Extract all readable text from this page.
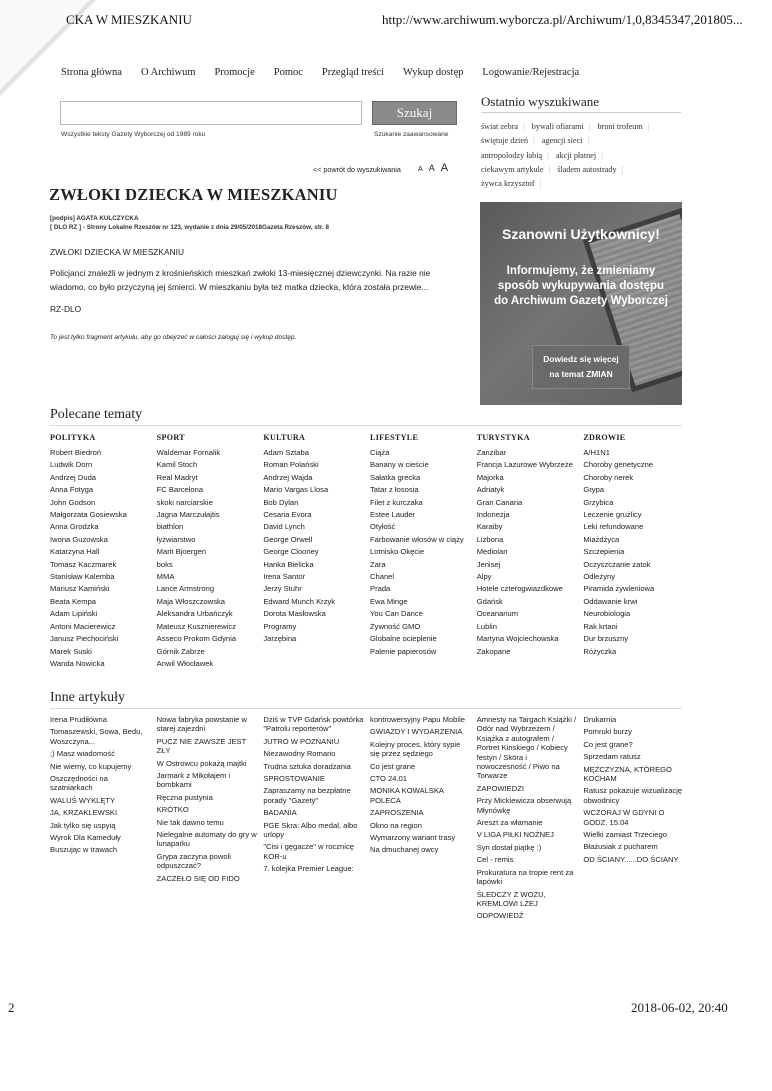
CKA W MIESZKANIU	http://www.archiwum.wyborcza.pl/Archiwum/1,0,8345347,201805...
Strona główna O Archiwum Promocje Pomoc Przegląd treści Wykup dostęp Logowanie/Rejestracja
Szukaj
Wszystkie teksty Gazety Wyborczej od 1989 roku	Szukanie zaawansowane
Ostatnio wyszukiwane
świat zebra | bywali ofiarami | broni trofeum |
świętuje dzień | agencji sieci |
antropolodzy łabią | akcji płatnej |
ciekawym artykule | śladem autostrady |
żywca krzysztof |
<< powrót do wyszukiwania A A A
ZWŁOKI DZIECKA W MIESZKANIU
[podpis] AGATA KULCZYCKA
[ DLO RZ ] - Strony Lokalne Rzeszów nr 123, wydanie z dnia 29/05/2018Gazeta Rzeszów, str. 8
ZWŁOKI DZIECKA W MIESZKANIU
Policjanci znaleźli w jednym z krośnieńskich mieszkań zwłoki 13-miesięcznej dziewczynki. Na razie nie wiadomo, co było przyczyną jej śmierci. W mieszkaniu była też matka dziecka, która została przewie...
RZ-DLO
To jest tylko fragment artykułu, aby go obejrzeć w całości zaloguj się i wykup dostęp.
Szanowni Użytkownicy!
Informujemy, że zmieniamy sposób wykupywania dostępu do Archiwum Gazety Wyborczej
Dowiedz się więcej
na temat ZMIAN
Polecane tematy
POLITYKA
Robert Biedroń
Ludwik Dorn
Andrzej Duda
Anna Fotyga
John Godson
Małgorzata Gosiewska
Anna Grodzka
Iwona Guzowska
Katarzyna Hall
Tomasz Kaczmarek
Stanisław Kalemba
Mariusz Kamiński
Beata Kempa
Adam Lipiński
Antoni Macierewicz
Janusz Piechociński
Marek Suski
Wanda Nowicka
SPORT
Waldemar Fornalik
Kamil Stoch
Real Madryt
FC Barcelona
skoki narciarskie
Jagna Marczułajtis
biathlon
łyżwiarstwo
Marit Bjoergen
boks
MMA
Lance Armstrong
Maja Włoszczowska
Aleksandra Urbańczyk
Mateusz Kusznierewicz
Asseco Prokom Gdynia
Górnik Zabrze
Anwil Włocławek
KULTURA
Adam Sztaba
Roman Polański
Andrzej Wajda
Mario Vargas Llosa
Bob Dylan
Cesaria Evora
David Lynch
George Orwell
George Clooney
Hanka Bielicka
Irena Santor
Jerzy Stuhr
Edward Munch Krzyk
Dorota Masłowska
Programy
Jarzębina
LIFESTYLE
Ciąża
Banany w cieście
Sałatka grecka
Tatar z łososia
Filet z kurczaka
Estee Lauder
Otyłość
Farbowanie włosów w ciąży
Lotnisko Okęcie
Zara
Chanel
Prada
Ewa Minge
You Can Dance
Żywność GMO
Globalne ocieplenie
Palenie papierosów
TURYSTYKA
Zanzibar
Francja Lazurowe Wybrzeże
Majorka
Adriatyk
Gran Canaria
Indonezja
Karaiby
Lizbona
Mediolan
Jenisej
Alpy
Hotele czterogwiazdkowe
Gdańsk
Oceanarium
Lublin
Martyna Wojciechowska
Zakopane
ZDROWIE
A/H1N1
Choroby genetyczne
Choroby nerek
Grypa
Grzybica
Leczenie grużlicy
Leki refundowane
Miażdżyca
Szczepienia
Oczyszczanie zatok
Odleżyny
Piramida żywieniowa
Oddawanie krwi
Neurobiologia
Rak krtani
Dur brzuszny
Różyczka
Inne artykuły
Irena Prudiłówna
Tomaszewski, Sowa, Bedu, Woszczyna...
;) Masz wiadomość
Nie wiemy, co kupujemy
Oszczędności na szatniarkach
WALUŚ WYKLĘTY
JA, KRZAKLEWSKI
Jak tylko się uspyią
Wyrok Dla Kameduły
Buszując w trawach
Nowa fabryka powstanie w starej zajezdni
PUCZ NIE ZAWSZE JEST ZŁY
W Ostrowcu pokażą majtki
Jarmark z Mikołajem i bombkami
Ręczna pustynia
KRÓTKO
Nie tak dawno temu
Nielegalne automaty do gry w lunaparku
Grypa zaczyna powoli odpuszczać?
ZACZEŁO SIĘ OD FIDO
Dziś w TVP Gdańsk powtórka "Patrolu reporterów"
JUTRO W POZNANIU
Niezawodny Romario
Trudna sztuka doradzania
SPROSTOWANIE
Zapraszamy na bezpłatne porady "Gazety"
BADANIA
PGE Skra: Albo medal, albo urlopy
"Cisi i gęgacze" w rocznicę KOR-u
7. kolejka Premier League:
kontrowersyjny Papu Mobile
GWIAZDY I WYDARZENIA
Kolejny proces, który sypie się przez sędziego
Co jest grane
CTO 24.01
MONIKA KOWALSKA POLECA
ZAPROSZENIA
Okno na region
Wymarzony wariant trasy
Na dmuchanej owcy
Amnesty na Targach Książki / Odór nad Wybrzeżem / Książka z autografem / Portret Kinskiego / Kobiecy festyn / Sköra i nowoczesność / Piwo na Torwarze
ZAPOWIEDZI
Przy Mickiewicza obserwują Młynówkę
Areszt za włamanie
V LIGA PIŁKI NOŻNEJ
Syn dostał piątkę :)
Cel - remis
Prokuratura na tropie rent za łapówki
ŚLEDCZY Z WOZU, KREMLOWI LŻEJ
ODPOWIEDŹ
Drukarnia
Pomruki burzy
Co jest grane?
Sprzedam ratusz
MĘŻCZYZNA, KTÓREGO KOCHAM
Ratusz pokazuje wizualizację obwodnicy
WCZORAJ W GDYNI O GODZ. 15.04
Wielki zamiast Trzeciego
Błażusiak z pucharem
OD ŚCIANY......DO ŚCIANY
2	2018-06-02, 20:40
